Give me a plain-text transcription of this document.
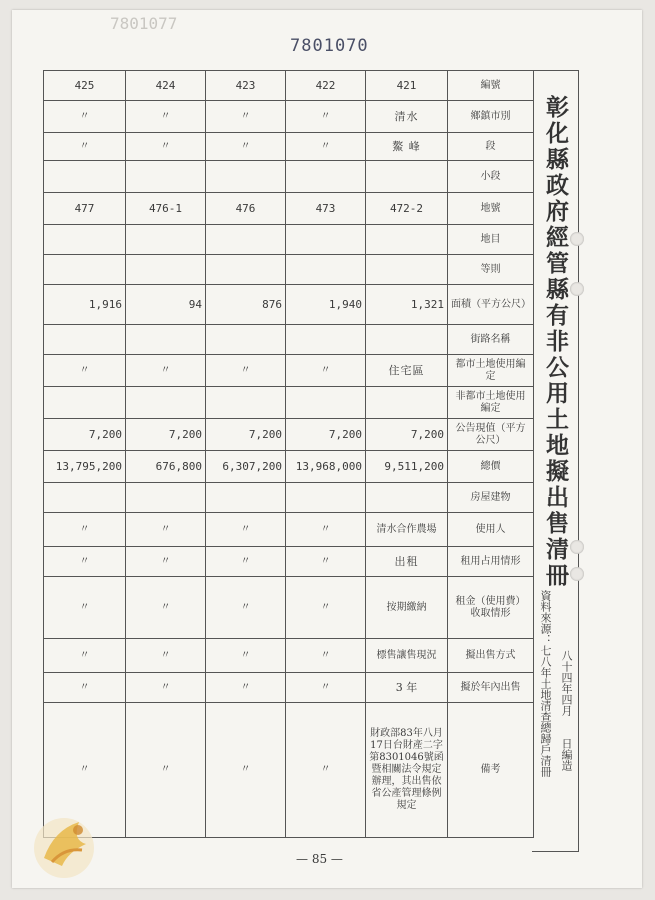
7801077
7801070
425	424	423	422	421	編號
〃	〃	〃	〃	清水	鄉鎮市別
〃	〃	〃	〃	鰲 峰	段
					小段
477	476-1	476	473	472-2	地號
					地目
					等則
1,916	94	876	1,940	1,321	面積（平方公尺）
					街路名稱
〃	〃	〃	〃	住宅區	都市土地使用編定
					非都市土地使用編定
7,200	7,200	7,200	7,200	7,200	公告現值（平方公尺）
13,795,200	676,800	6,307,200	13,968,000	9,511,200	總價
					房屋建物
〃	〃	〃	〃	清水合作農場	使用人
〃	〃	〃	〃	出租	租用占用情形
〃	〃	〃	〃	按期繳納	租金（使用費）收取情形
〃	〃	〃	〃	標售讓售現況	擬出售方式
〃	〃	〃	〃	3 年	擬於年內出售
〃	〃	〃	〃	財政部83年八月17日台財產二字第8301046號函暨相關法令規定辦理，其出售依省公產管理條例規定	備考
彰化縣政府經管縣有非公用土地擬出售清冊
資料來源：七八年土地清查總歸戶清冊 八十四年四月　　日編造
— 85 —
